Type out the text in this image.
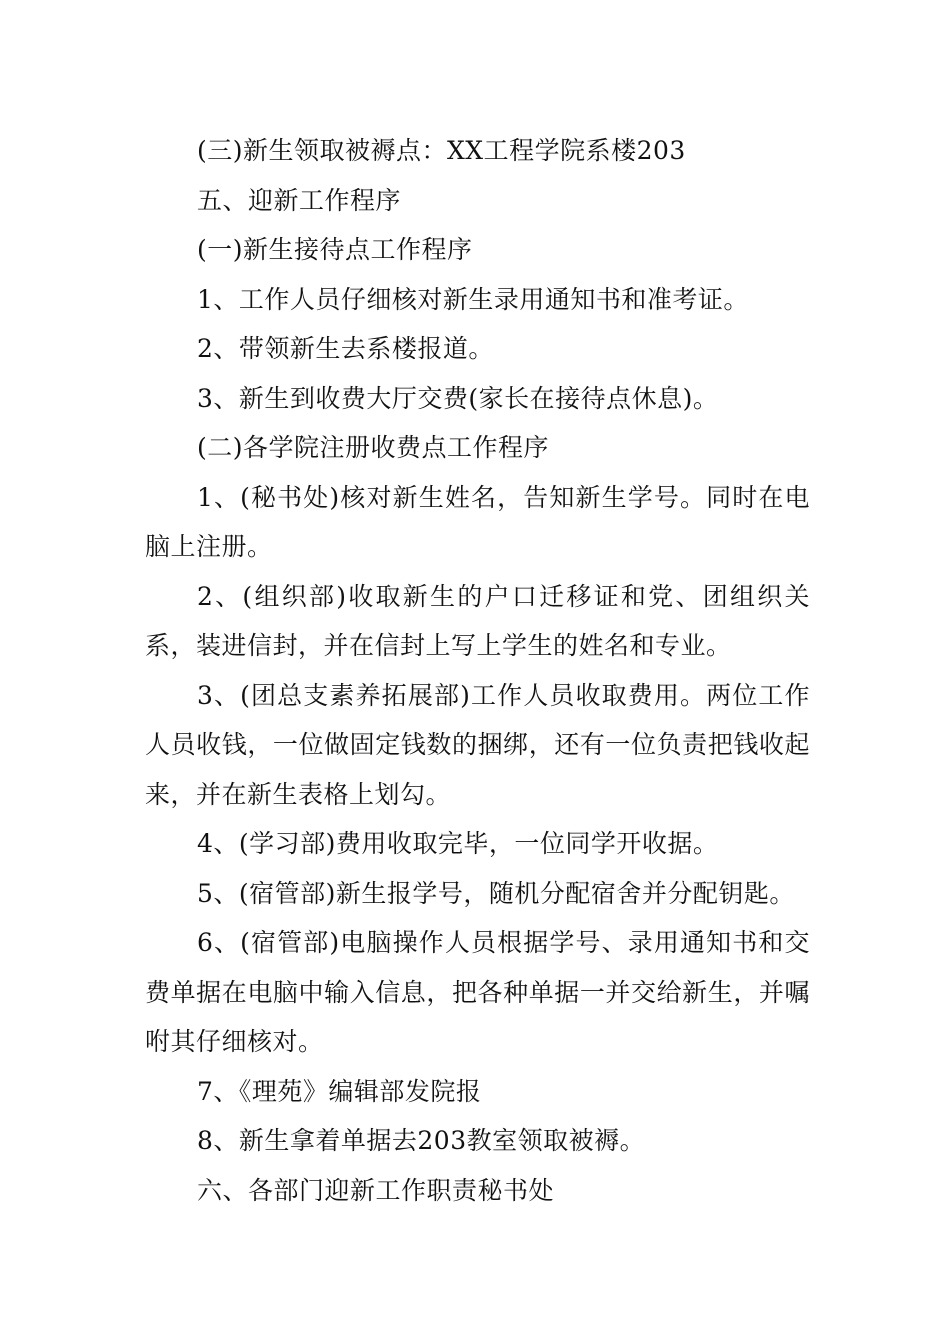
(三)新生领取被褥点：XX工程学院系楼203

五、迎新工作程序

(一)新生接待点工作程序

1、工作人员仔细核对新生录用通知书和准考证。

2、带领新生去系楼报道。

3、新生到收费大厅交费(家长在接待点休息)。

(二)各学院注册收费点工作程序

1、(秘书处)核对新生姓名，告知新生学号。同时在电脑上注册。

2、(组织部)收取新生的户口迁移证和党、团组织关系，装进信封，并在信封上写上学生的姓名和专业。

3、(团总支素养拓展部)工作人员收取费用。两位工作人员收钱，一位做固定钱数的捆绑，还有一位负责把钱收起来，并在新生表格上划勾。

4、(学习部)费用收取完毕，一位同学开收据。

5、(宿管部)新生报学号，随机分配宿舍并分配钥匙。

6、(宿管部)电脑操作人员根据学号、录用通知书和交费单据在电脑中输入信息，把各种单据一并交给新生，并嘱咐其仔细核对。

7、《理苑》编辑部发院报

8、新生拿着单据去203教室领取被褥。

六、各部门迎新工作职责秘书处
